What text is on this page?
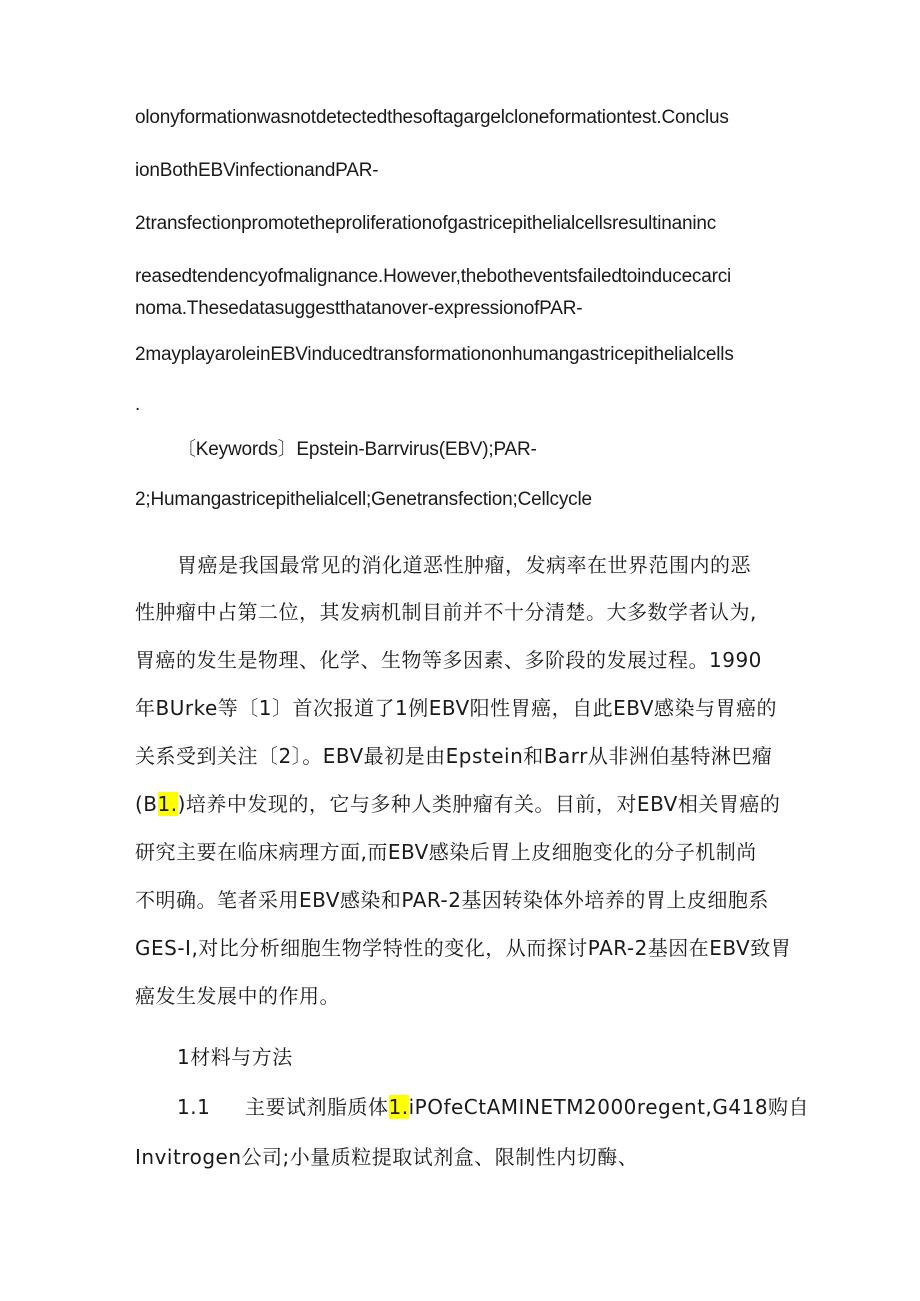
olonyformationwasnotdetectedthesoftagargelcloneformationtest.Conclus
ionBothEBVinfectionandPAR-
2transfectionpromotetheproliferationofgastricepithelialcellsresultinaninc
reasedtendencyofmalignance.However,thebotheventsfailedtoinducecarci
noma.Thesedatasuggestthatanover-expressionofPAR-
2mayplayaroleinEBVinducedtransformationonhumangastricepithelialcells
.
〔Keywords〕Epstein-Barrvirus(EBV);PAR-
2;Humangastricepithelialcell;Genetransfection;Cellcycle
胃癌是我国最常见的消化道恶性肿瘤，发病率在世界范围内的恶
性肿瘤中占第二位，其发病机制目前并不十分清楚。大多数学者认为,
胃癌的发生是物理、化学、生物等多因素、多阶段的发展过程。1990
年BUrke等〔1〕首次报道了1例EBV阳性胃癌，自此EBV感染与胃癌的
关系受到关注〔2〕。EBV最初是由Epstein和Barr从非洲伯基特淋巴瘤
(B1.)培养中发现的，它与多种人类肿瘤有关。目前，对EBV相关胃癌的
研究主要在临床病理方面,而EBV感染后胃上皮细胞变化的分子机制尚
不明确。笔者采用EBV感染和PAR-2基因转染体外培养的胃上皮细胞系
GES-I,对比分析细胞生物学特性的变化，从而探讨PAR-2基因在EBV致胃
癌发生发展中的作用。
1材料与方法
1.1 主要试剂脂质体1.iPOfeCtAMINETM2000regent,G418购自
Invitrogen公司;小量质粒提取试剂盒、限制性内切酶、
